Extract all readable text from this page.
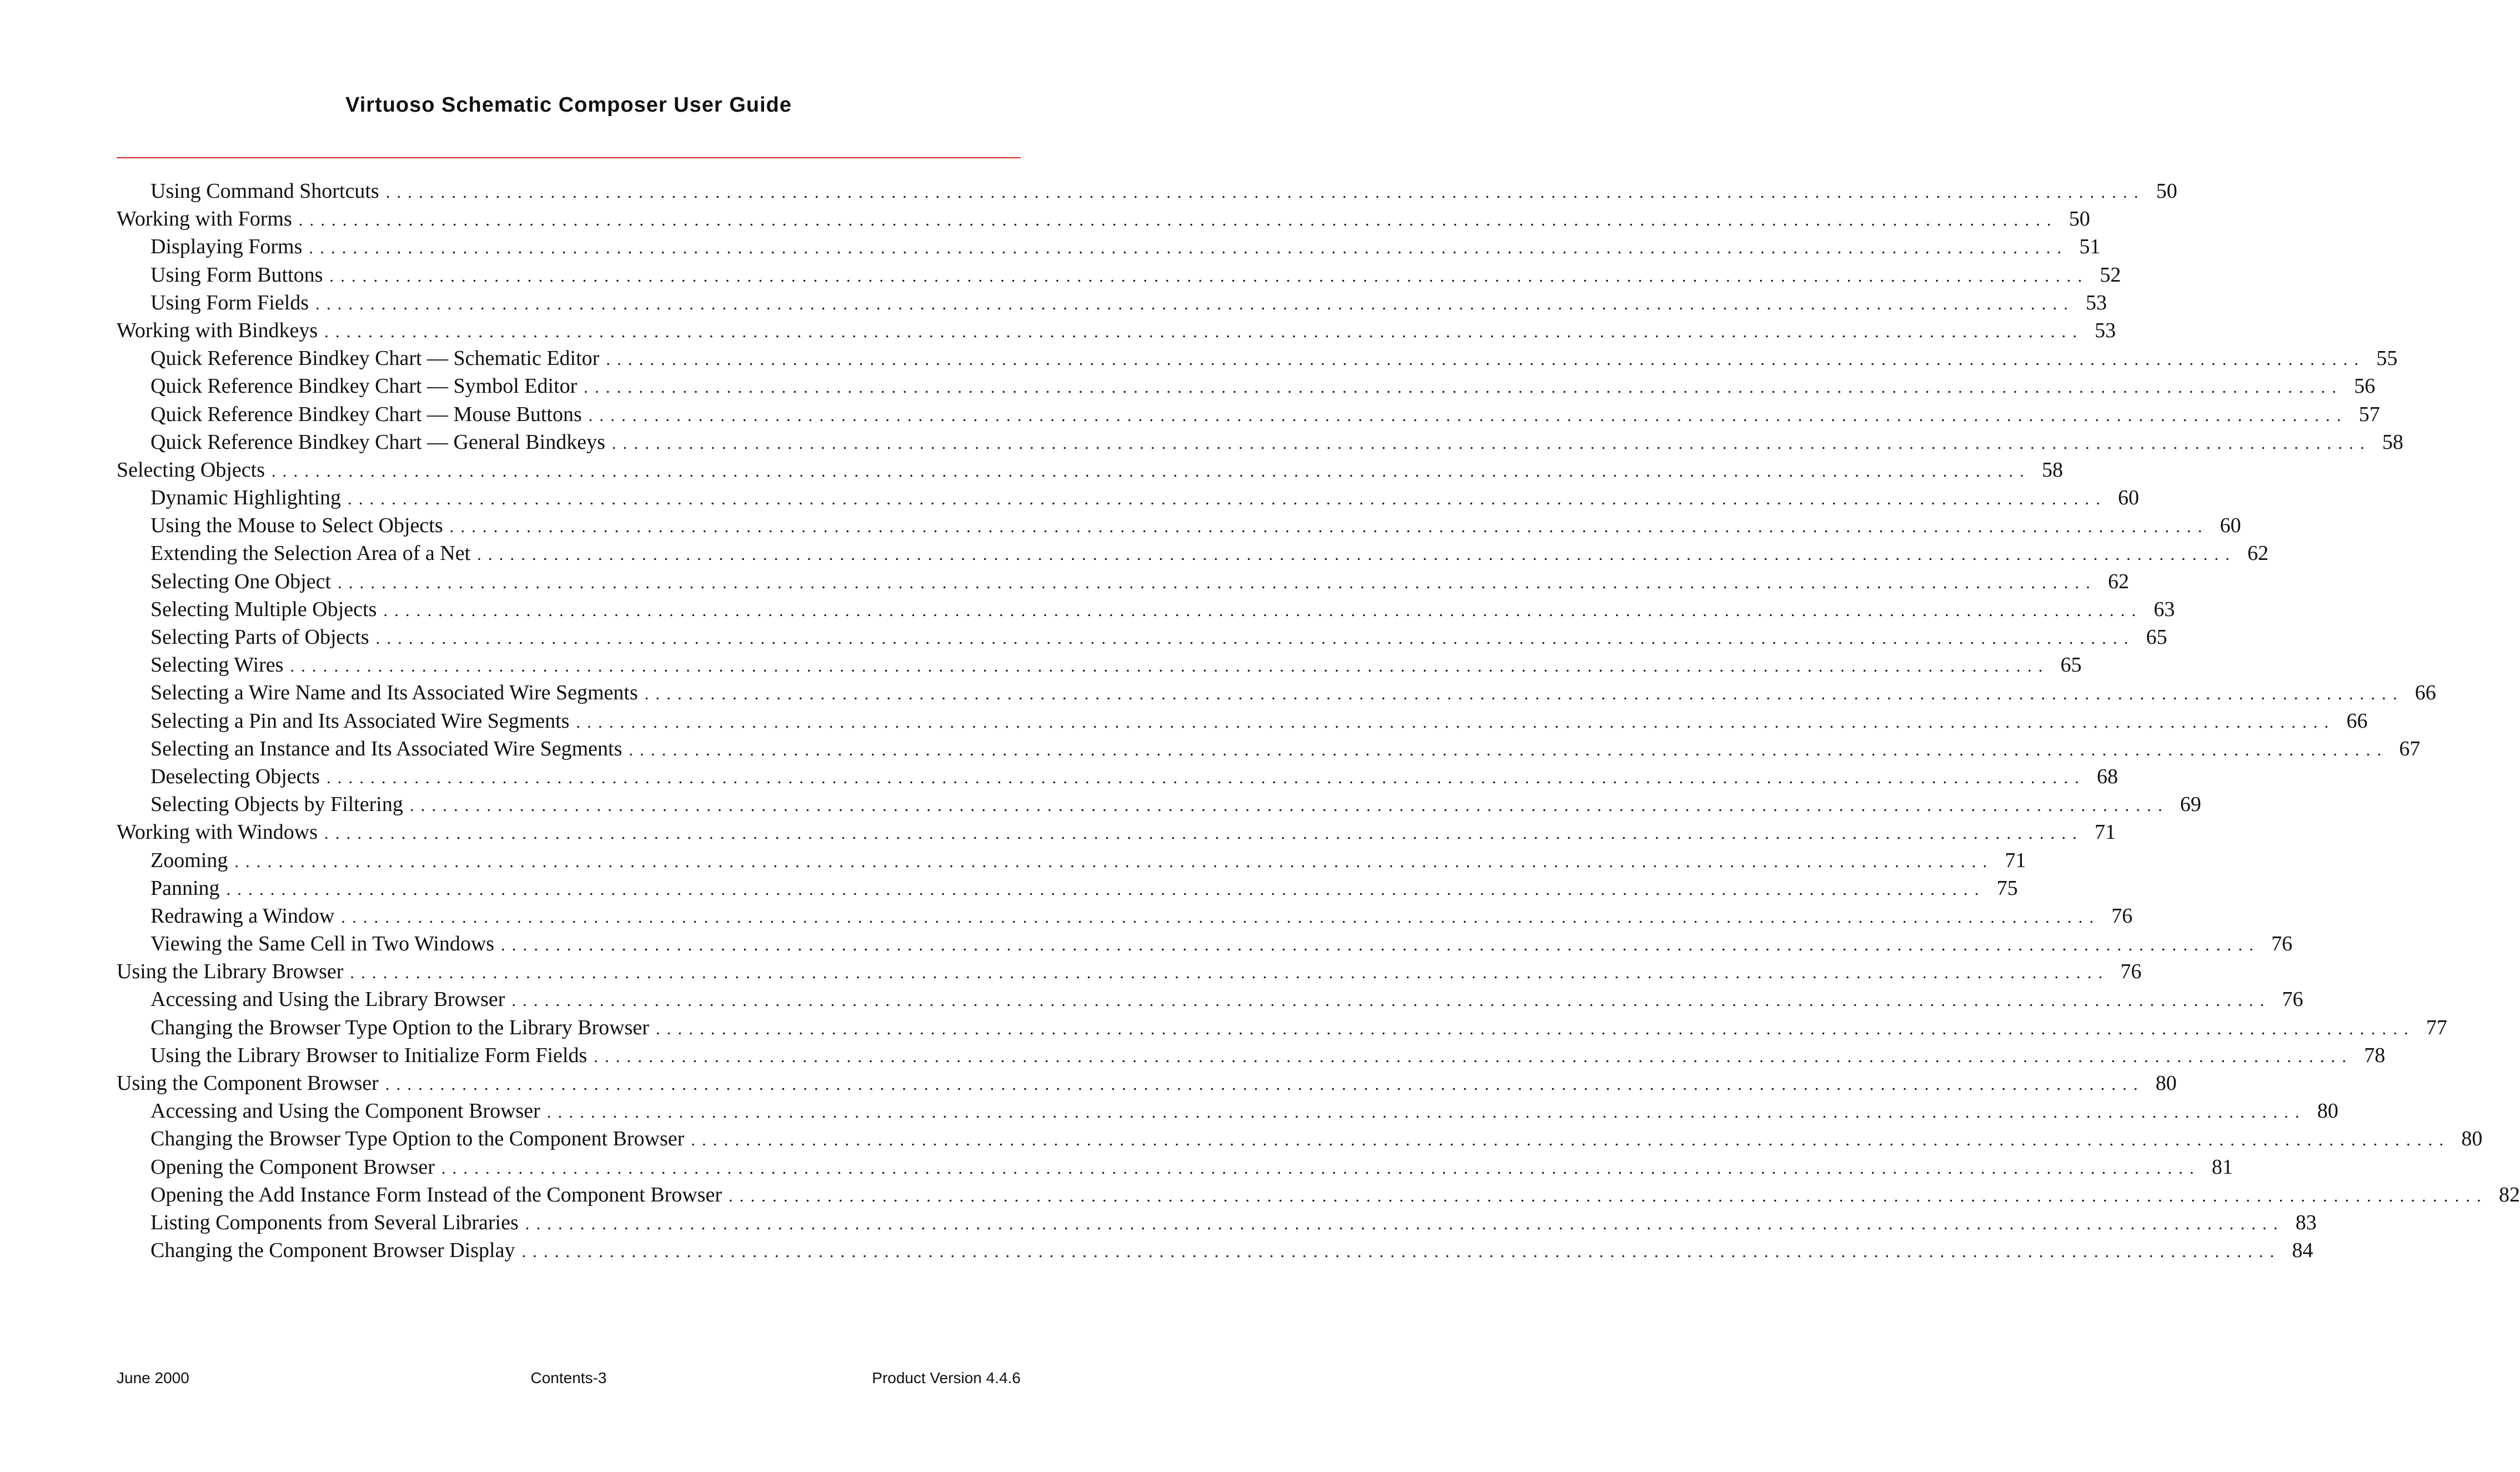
Virtuoso Schematic Composer User Guide
Using Command Shortcuts ................................................................................................................................................................ 50
Working with Forms ................................................................................................................................................................ 50
Displaying Forms ................................................................................................................................................................ 51
Using Form Buttons ................................................................................................................................................................ 52
Using Form Fields ................................................................................................................................................................ 53
Working with Bindkeys ................................................................................................................................................................ 53
Quick Reference Bindkey Chart — Schematic Editor ................................................................................................................................................................ 55
Quick Reference Bindkey Chart — Symbol Editor ................................................................................................................................................................ 56
Quick Reference Bindkey Chart — Mouse Buttons ................................................................................................................................................................ 57
Quick Reference Bindkey Chart — General Bindkeys ................................................................................................................................................................ 58
Selecting Objects ................................................................................................................................................................ 58
Dynamic Highlighting ................................................................................................................................................................ 60
Using the Mouse to Select Objects ................................................................................................................................................................ 60
Extending the Selection Area of a Net ................................................................................................................................................................ 62
Selecting One Object ................................................................................................................................................................ 62
Selecting Multiple Objects ................................................................................................................................................................ 63
Selecting Parts of Objects ................................................................................................................................................................ 65
Selecting Wires ................................................................................................................................................................ 65
Selecting a Wire Name and Its Associated Wire Segments ................................................................................................................................................................ 66
Selecting a Pin and Its Associated Wire Segments ................................................................................................................................................................ 66
Selecting an Instance and Its Associated Wire Segments ................................................................................................................................................................ 67
Deselecting Objects ................................................................................................................................................................ 68
Selecting Objects by Filtering ................................................................................................................................................................ 69
Working with Windows ................................................................................................................................................................ 71
Zooming ................................................................................................................................................................ 71
Panning ................................................................................................................................................................ 75
Redrawing a Window ................................................................................................................................................................ 76
Viewing the Same Cell in Two Windows ................................................................................................................................................................ 76
Using the Library Browser ................................................................................................................................................................ 76
Accessing and Using the Library Browser ................................................................................................................................................................ 76
Changing the Browser Type Option to the Library Browser ................................................................................................................................................................ 77
Using the Library Browser to Initialize Form Fields ................................................................................................................................................................ 78
Using the Component Browser ................................................................................................................................................................ 80
Accessing and Using the Component Browser ................................................................................................................................................................ 80
Changing the Browser Type Option to the Component Browser ................................................................................................................................................................ 80
Opening the Component Browser ................................................................................................................................................................ 81
Opening the Add Instance Form Instead of the Component Browser ................................................................................................................................................................ 82
Listing Components from Several Libraries ................................................................................................................................................................ 83
Changing the Component Browser Display ................................................................................................................................................................ 84
June 2000	Contents-3	Product Version 4.4.6
